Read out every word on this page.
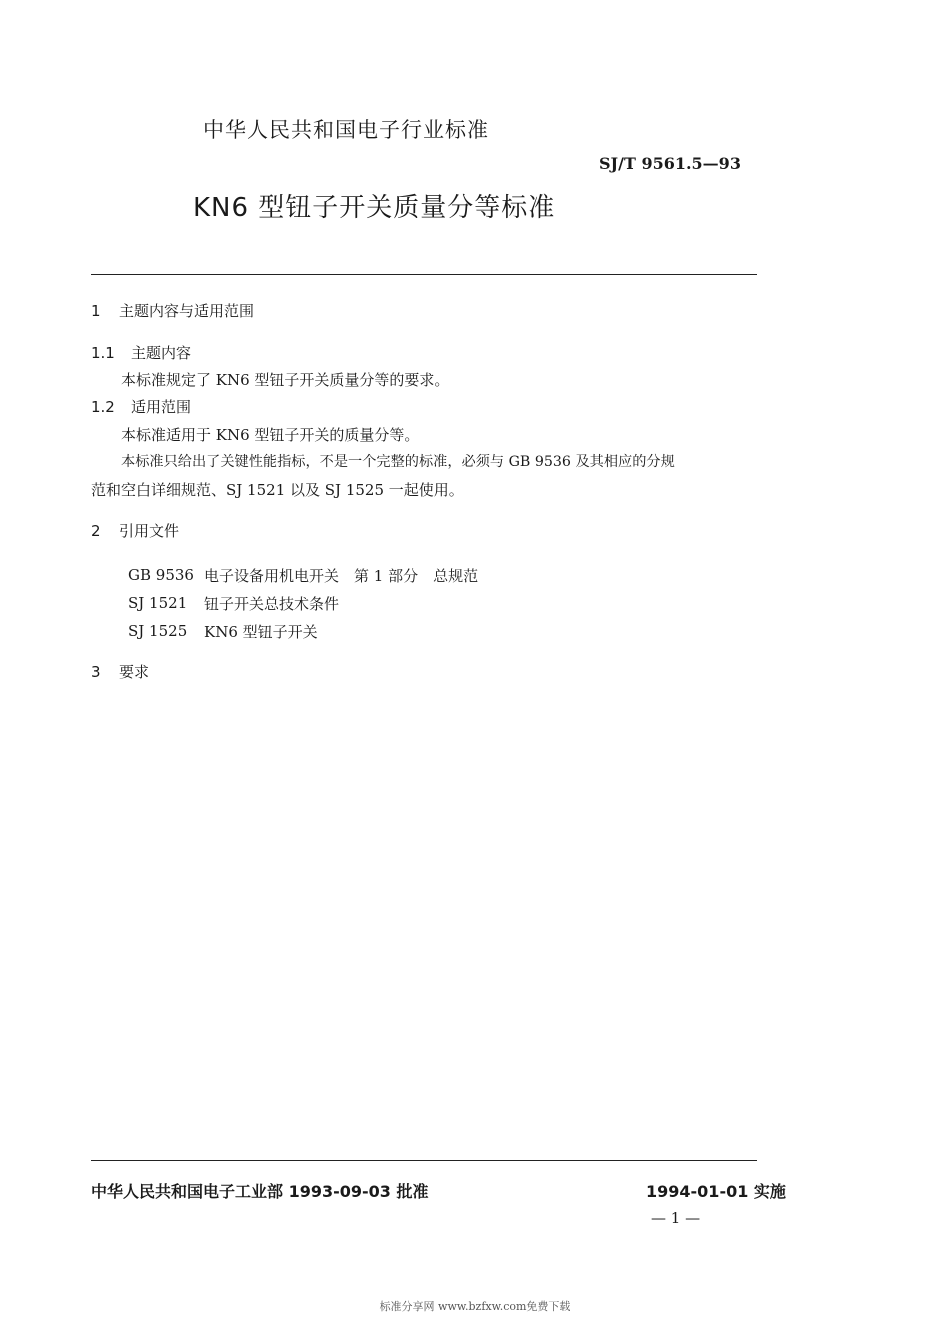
中华人民共和国电子行业标准
SJ/T 9561.5—93
KN6 型钮子开关质量分等标准
1 主题内容与适用范围
1.1 主题内容
本标准规定了 KN6 型钮子开关质量分等的要求。
1.2 适用范围
本标准适用于 KN6 型钮子开关的质量分等。
本标准只给出了关键性能指标，不是一个完整的标准，必须与 GB 9536 及其相应的分规
范和空白详细规范、SJ 1521 以及 SJ 1525 一起使用。
2 引用文件
GB 9536 电子设备用机电开关　第 1 部分　总规范
SJ 1521	钮子开关总技术条件
SJ 1525	KN6 型钮子开关
3 要求
中华人民共和国电子工业部 1993-09-03 批准	1994-01-01 实施
— 1 —
标准分享网 www.bzfxw.com免费下载
